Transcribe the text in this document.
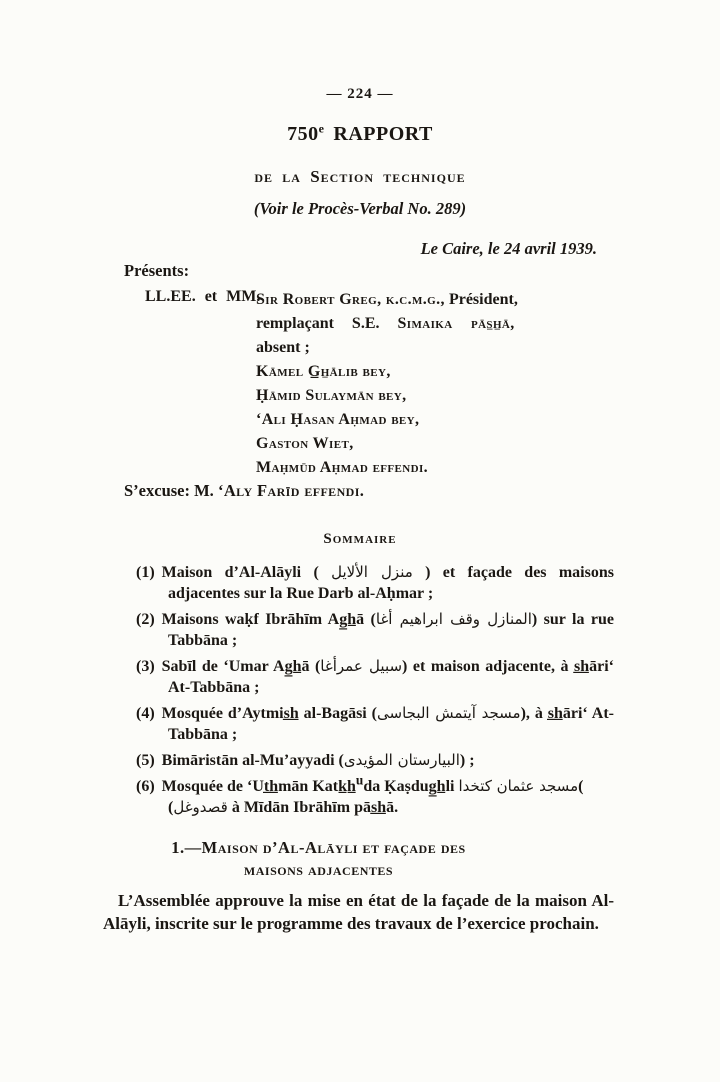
— 224 —
750e RAPPORT
de la Section technique
(Voir le Procès-Verbal No. 289)
Le Caire, le 24 avril 1939.
Présents:
LL.EE. et MM.
Sir Robert Greg, k.c.m.g., Président,
remplaçant S.E. Simaika pās̲h̲ā,
absent ;
Kāmel G̲h̲ālib bey,
Ḥāmid Sulaymān bey,
‘Ali Ḥasan Aḥmad bey,
Gaston Wiet,
Maḥmūd Aḥmad effendi.
S’excuse: M. ‘Aly Farīd effendi.
Sommaire
(1) Maison d’Al-Alāyli ( منزل الألايل ) et façade des maisons adjacentes sur la Rue Darb al-Aḥmar ;
(2) Maisons waḳf Ibrāhīm Ag̲h̲ā (المنازل وقف ابراهيم أغا) sur la rue Tabbāna ;
(3) Sabīl de ‘Umar Ag̲h̲ā (سبيل عمرأغا) et maison adjacente, à s̲h̲āri‘ At-Tabbāna ;
(4) Mosquée d’Aytmis̲h̲ al-Bagāsi (مسجد آيتمش البجاسى), à s̲h̲āri‘ At-Tabbāna ;
(5) Bimāristān al-Mu’ayyadi (البيارستان المؤيدى) ;
(6) Mosquée de ‘Ut̲h̲mān Katk̲h̲$^u$da Ḳaṣdug̲h̲li مسجد عثمان كتخدا(
(قصدوغل à Mīdān Ibrāhīm pās̲h̲ā.
1.—Maison d’Al-Alāyli et façade des
maisons adjacentes
L’Assemblée approuve la mise en état de la façade de la maison Al-Alāyli, inscrite sur le programme des travaux de l’exercice prochain.
